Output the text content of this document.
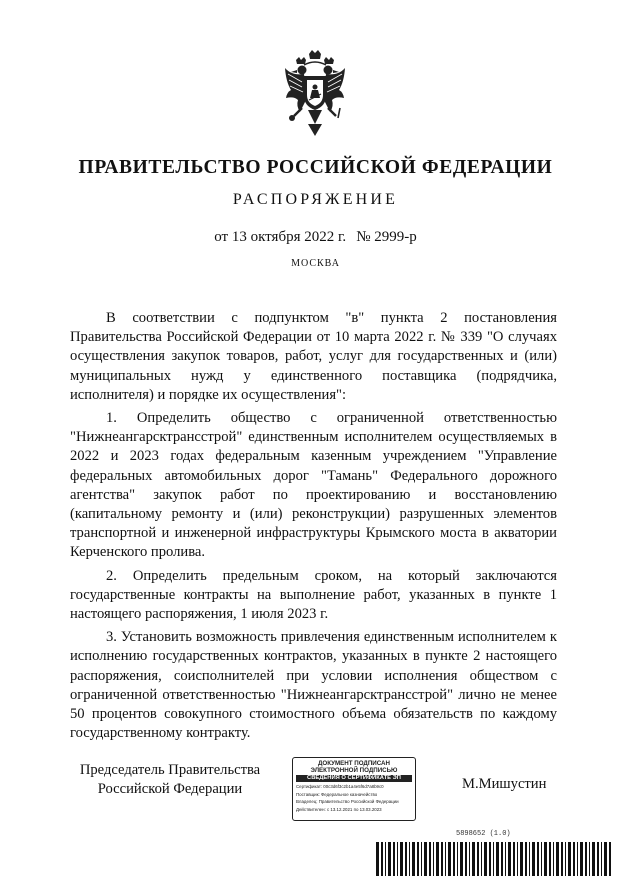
ПРАВИТЕЛЬСТВО РОССИЙСКОЙ ФЕДЕРАЦИИ
РАСПОРЯЖЕНИЕ
от 13 октября 2022 г. № 2999-р
МОСКВА

В соответствии с подпунктом "в" пункта 2 постановления Правительства Российской Федерации от 10 марта 2022 г. № 339 "О случаях осуществления закупок товаров, работ, услуг для государственных и (или) муниципальных нужд у единственного поставщика (подрядчика, исполнителя) и порядке их осуществления":

1. Определить общество с ограниченной ответственностью "Нижнеангарсктрансстрой" единственным исполнителем осуществляемых в 2022 и 2023 годах федеральным казенным учреждением "Управление федеральных автомобильных дорог "Тамань" Федерального дорожного агентства" закупок работ по проектированию и восстановлению (капитальному ремонту и (или) реконструкции) разрушенных элементов транспортной и инженерной инфраструктуры Крымского моста в акватории Керченского пролива.

2. Определить предельным сроком, на который заключаются государственные контракты на выполнение работ, указанных в пункте 1 настоящего распоряжения, 1 июля 2023 г.

3. Установить возможность привлечения единственным исполнителем к исполнению государственных контрактов, указанных в пункте 2 настоящего распоряжения, соисполнителей при условии исполнения обществом с ограниченной ответственностью "Нижнеангарсктрансстрой" лично не менее 50 процентов совокупного стоимостного объема обязательств по каждому государственному контракту.

Председатель Правительства
Российской Федерации
ДОКУМЕНТ ПОДПИСАН
ЭЛЕКТРОННОЙ ПОДПИСЬЮ
СВЕДЕНИЯ О СЕРТИФИКАТЕ ЭП
Сертификат: 00c3d6f3c2b1a4e5f6d7a8b9c0
Поставщик: Федеральное казначейство
Владелец: Правительство Российской Федерации
Действителен: с 13.12.2021 по 13.03.2023
М.Мишустин
5898652 (1.0)
